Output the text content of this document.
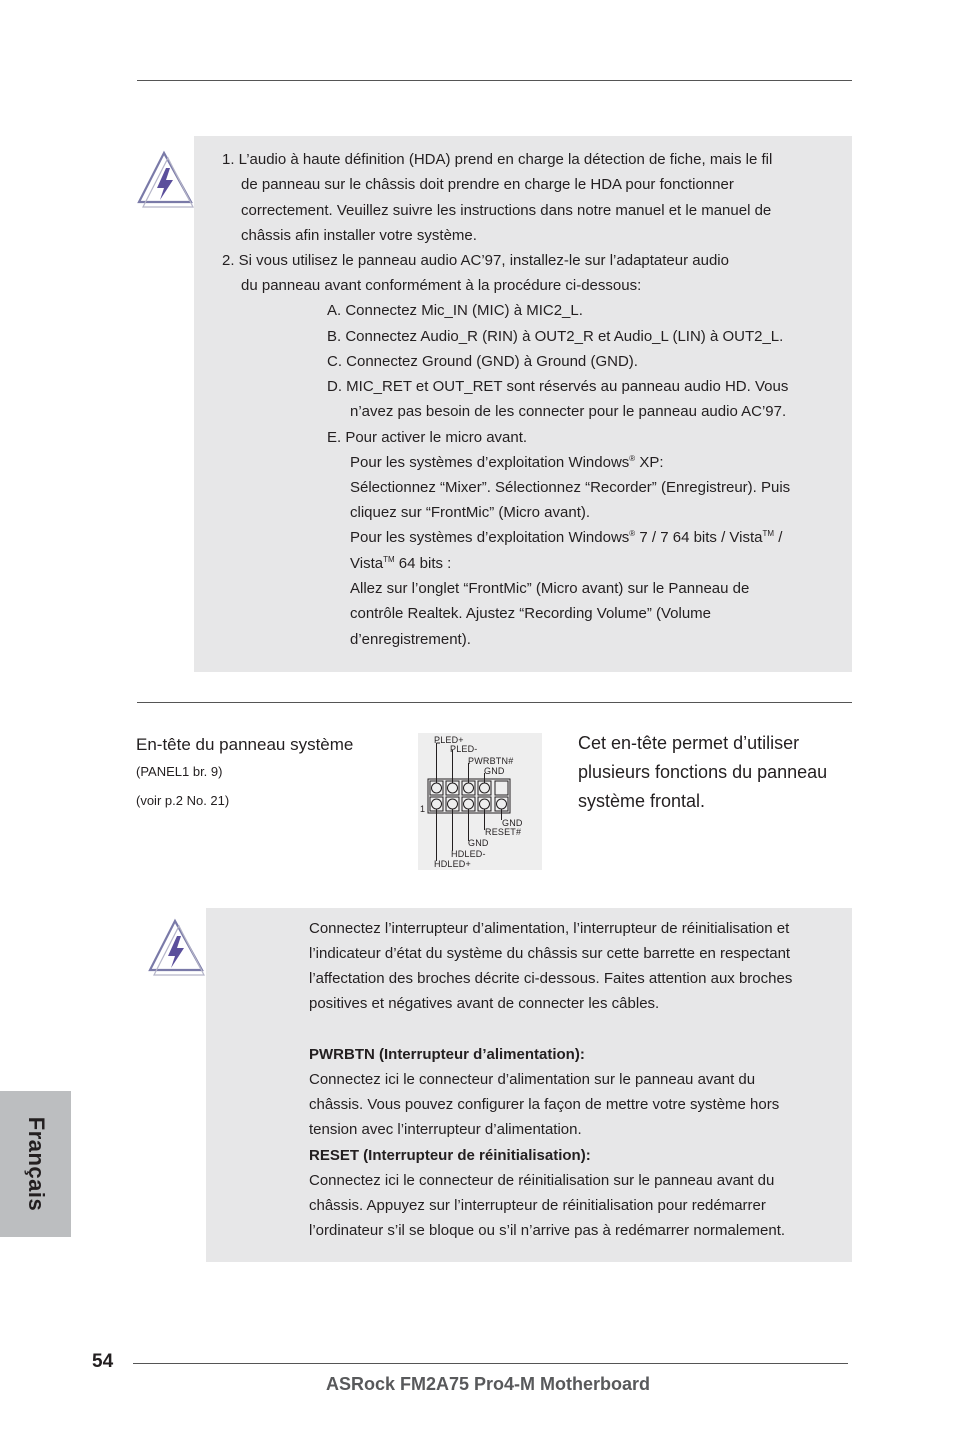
1. L’audio à haute définition (HDA) prend en charge la détection de fiche, mais le fil
de panneau sur le châssis doit prendre en charge le HDA pour fonctionner
correctement. Veuillez suivre les instructions dans notre manuel et le manuel de
châssis afin installer votre système.
2. Si vous utilisez le panneau audio AC’97, installez-le sur l’adaptateur audio
du panneau avant conformément à la procédure ci-dessous:
A. Connectez Mic_IN (MIC) à MIC2_L.
B. Connectez Audio_R (RIN) à OUT2_R et Audio_L (LIN) à OUT2_L.
C. Connectez Ground (GND) à Ground (GND).
D. MIC_RET et OUT_RET sont réservés au panneau audio HD. Vous
n’avez pas besoin de les connecter pour le panneau audio AC’97.
E. Pour activer le micro avant.
Pour les systèmes d’exploitation Windows® XP:
Sélectionnez “Mixer”. Sélectionnez “Recorder” (Enregistreur). Puis
cliquez sur “FrontMic” (Micro avant).
Pour les systèmes d’exploitation Windows® 7 / 7 64 bits / Vista™ /
Vista™ 64 bits :
Allez sur l’onglet “FrontMic” (Micro avant) sur le Panneau de
contrôle Realtek. Ajustez “Recording Volume” (Volume
d’enregistrement).
En-tête du panneau système
(PANEL1 br. 9)
(voir p.2 No. 21)
PLED+
PLED-
PWRBTN#
GND
1
GND
RESET#
GND
HDLED-
HDLED+
Cet en-tête permet d’utiliser
plusieurs fonctions du panneau
système frontal.
Connectez l’interrupteur d’alimentation, l’interrupteur de réinitialisation et
l’indicateur d’état du système du châssis sur cette barrette en respectant
l’affectation des broches décrite ci-dessous. Faites attention aux broches
positives et négatives avant de connecter les câbles.
PWRBTN (Interrupteur d’alimentation):
Connectez ici le connecteur d’alimentation sur le panneau avant du
châssis. Vous pouvez configurer la façon de mettre votre système hors
tension avec l’interrupteur d’alimentation.
RESET (Interrupteur de réinitialisation):
Connectez ici le connecteur de réinitialisation sur le panneau avant du
châssis. Appuyez sur l’interrupteur de réinitialisation pour redémarrer
l’ordinateur s’il se bloque ou s’il n’arrive pas à redémarrer normalement.
Français
54
ASRock FM2A75 Pro4-M Motherboard
